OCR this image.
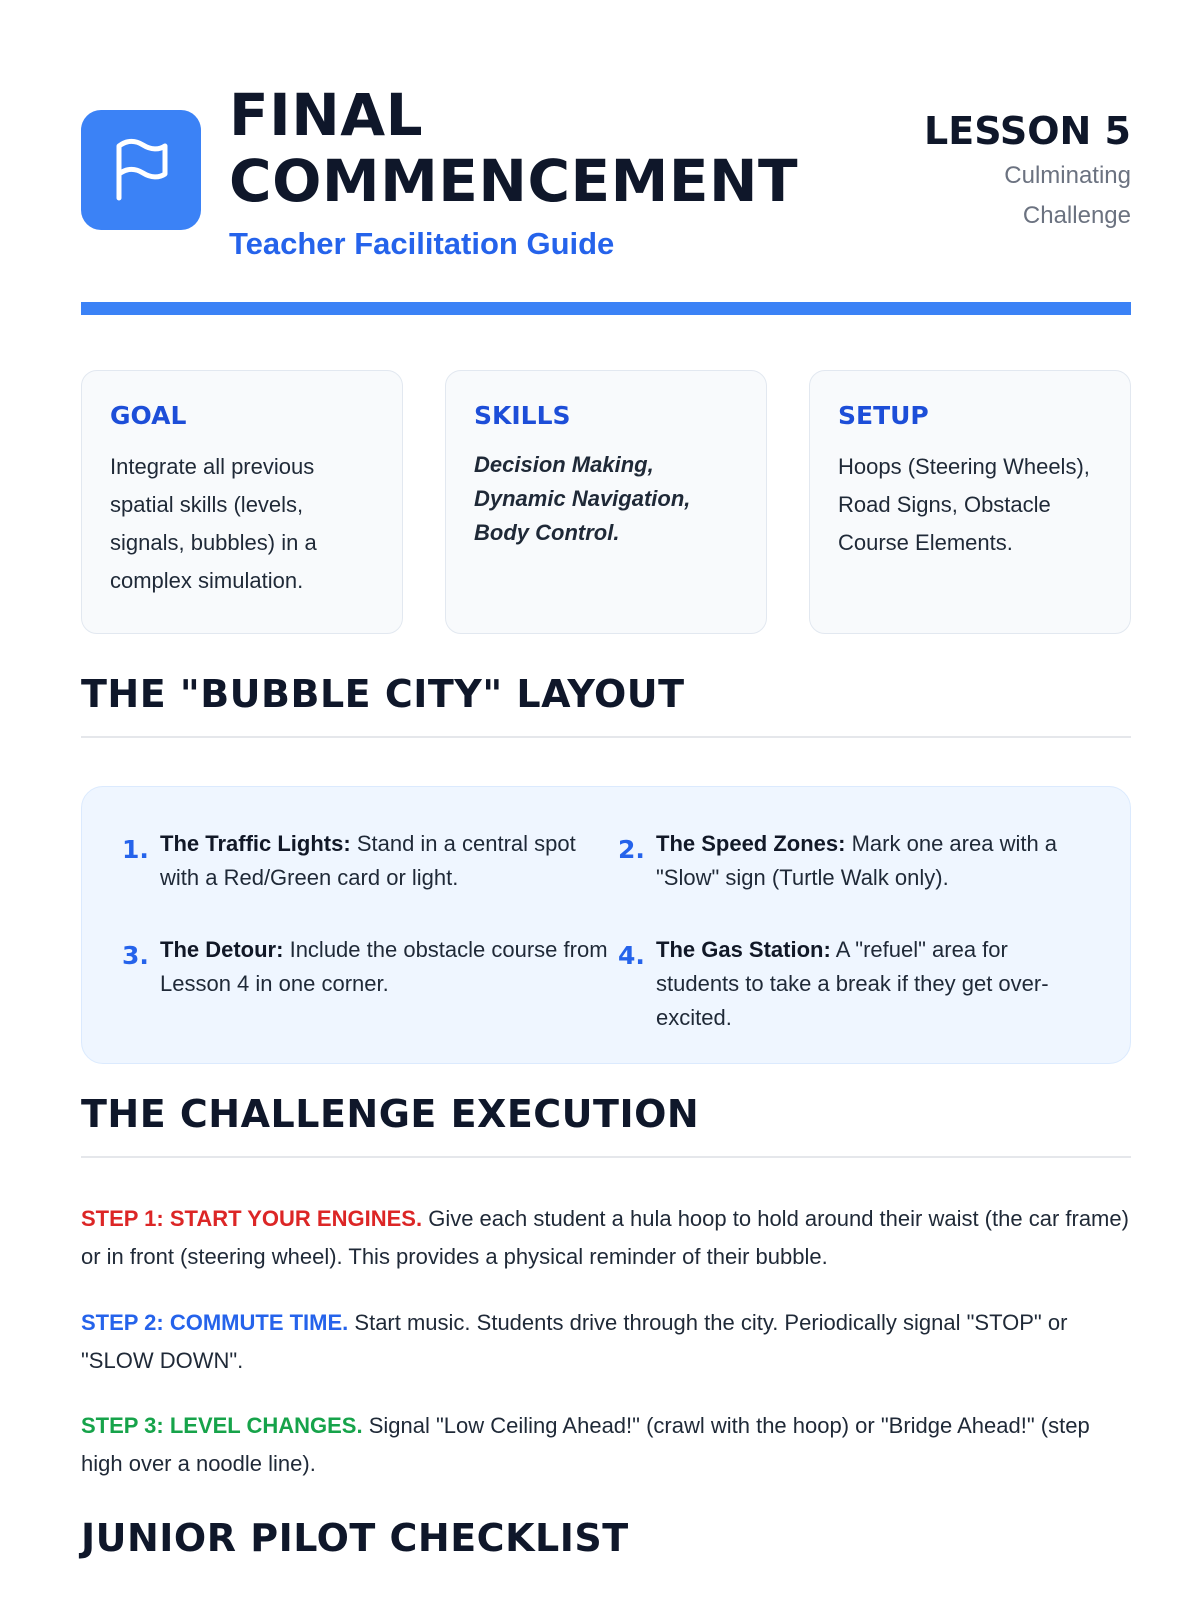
FINAL
COMMENCEMENT
Teacher Facilitation Guide
LESSON 5
Culminating Challenge
GOAL
Integrate all previous spatial skills (levels, signals, bubbles) in a complex simulation.
SKILLS
Decision Making, Dynamic Navigation, Body Control.
SETUP
Hoops (Steering Wheels), Road Signs, Obstacle Course Elements.
THE "BUBBLE CITY" LAYOUT
1. The Traffic Lights: Stand in a central spot with a Red/Green card or light.
2. The Speed Zones: Mark one area with a "Slow" sign (Turtle Walk only).
3. The Detour: Include the obstacle course from Lesson 4 in one corner.
4. The Gas Station: A "refuel" area for students to take a break if they get over-excited.
THE CHALLENGE EXECUTION
STEP 1: START YOUR ENGINES. Give each student a hula hoop to hold around their waist (the car frame) or in front (steering wheel). This provides a physical reminder of their bubble.
STEP 2: COMMUTE TIME. Start music. Students drive through the city. Periodically signal "STOP" or "SLOW DOWN".
STEP 3: LEVEL CHANGES. Signal "Low Ceiling Ahead!" (crawl with the hoop) or "Bridge Ahead!" (step high over a noodle line).
JUNIOR PILOT CHECKLIST
